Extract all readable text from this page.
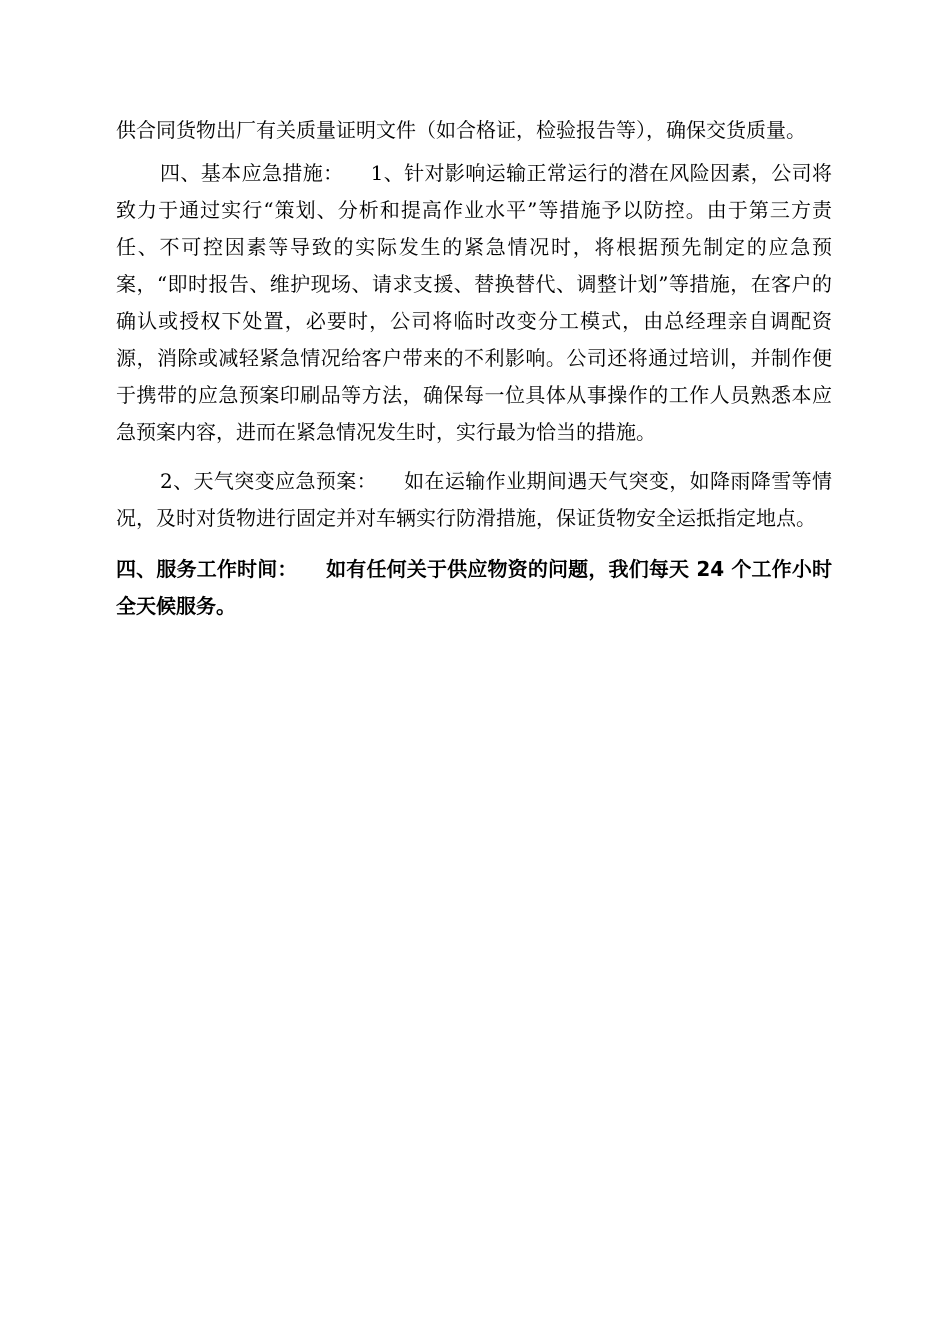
供合同货物出厂有关质量证明文件（如合格证，检验报告等），确保交货质量。

四、基本应急措施： 1、针对影响运输正常运行的潜在风险因素，公司将致力于通过实行“策划、分析和提高作业水平”等措施予以防控。由于第三方责任、不可控因素等导致的实际发生的紧急情况时，将根据预先制定的应急预案，“即时报告、维护现场、请求支援、替换替代、调整计划”等措施，在客户的确认或授权下处置，必要时，公司将临时改变分工模式，由总经理亲自调配资源，消除或减轻紧急情况给客户带来的不利影响。公司还将通过培训，并制作便于携带的应急预案印刷品等方法，确保每一位具体从事操作的工作人员熟悉本应急预案内容，进而在紧急情况发生时，实行最为恰当的措施。

2、天气突变应急预案： 如在运输作业期间遇天气突变，如降雨降雪等情况，及时对货物进行固定并对车辆实行防滑措施，保证货物安全运抵指定地点。

四、服务工作时间： 如有任何关于供应物资的问题，我们每天 24 个工作小时全天候服务。
